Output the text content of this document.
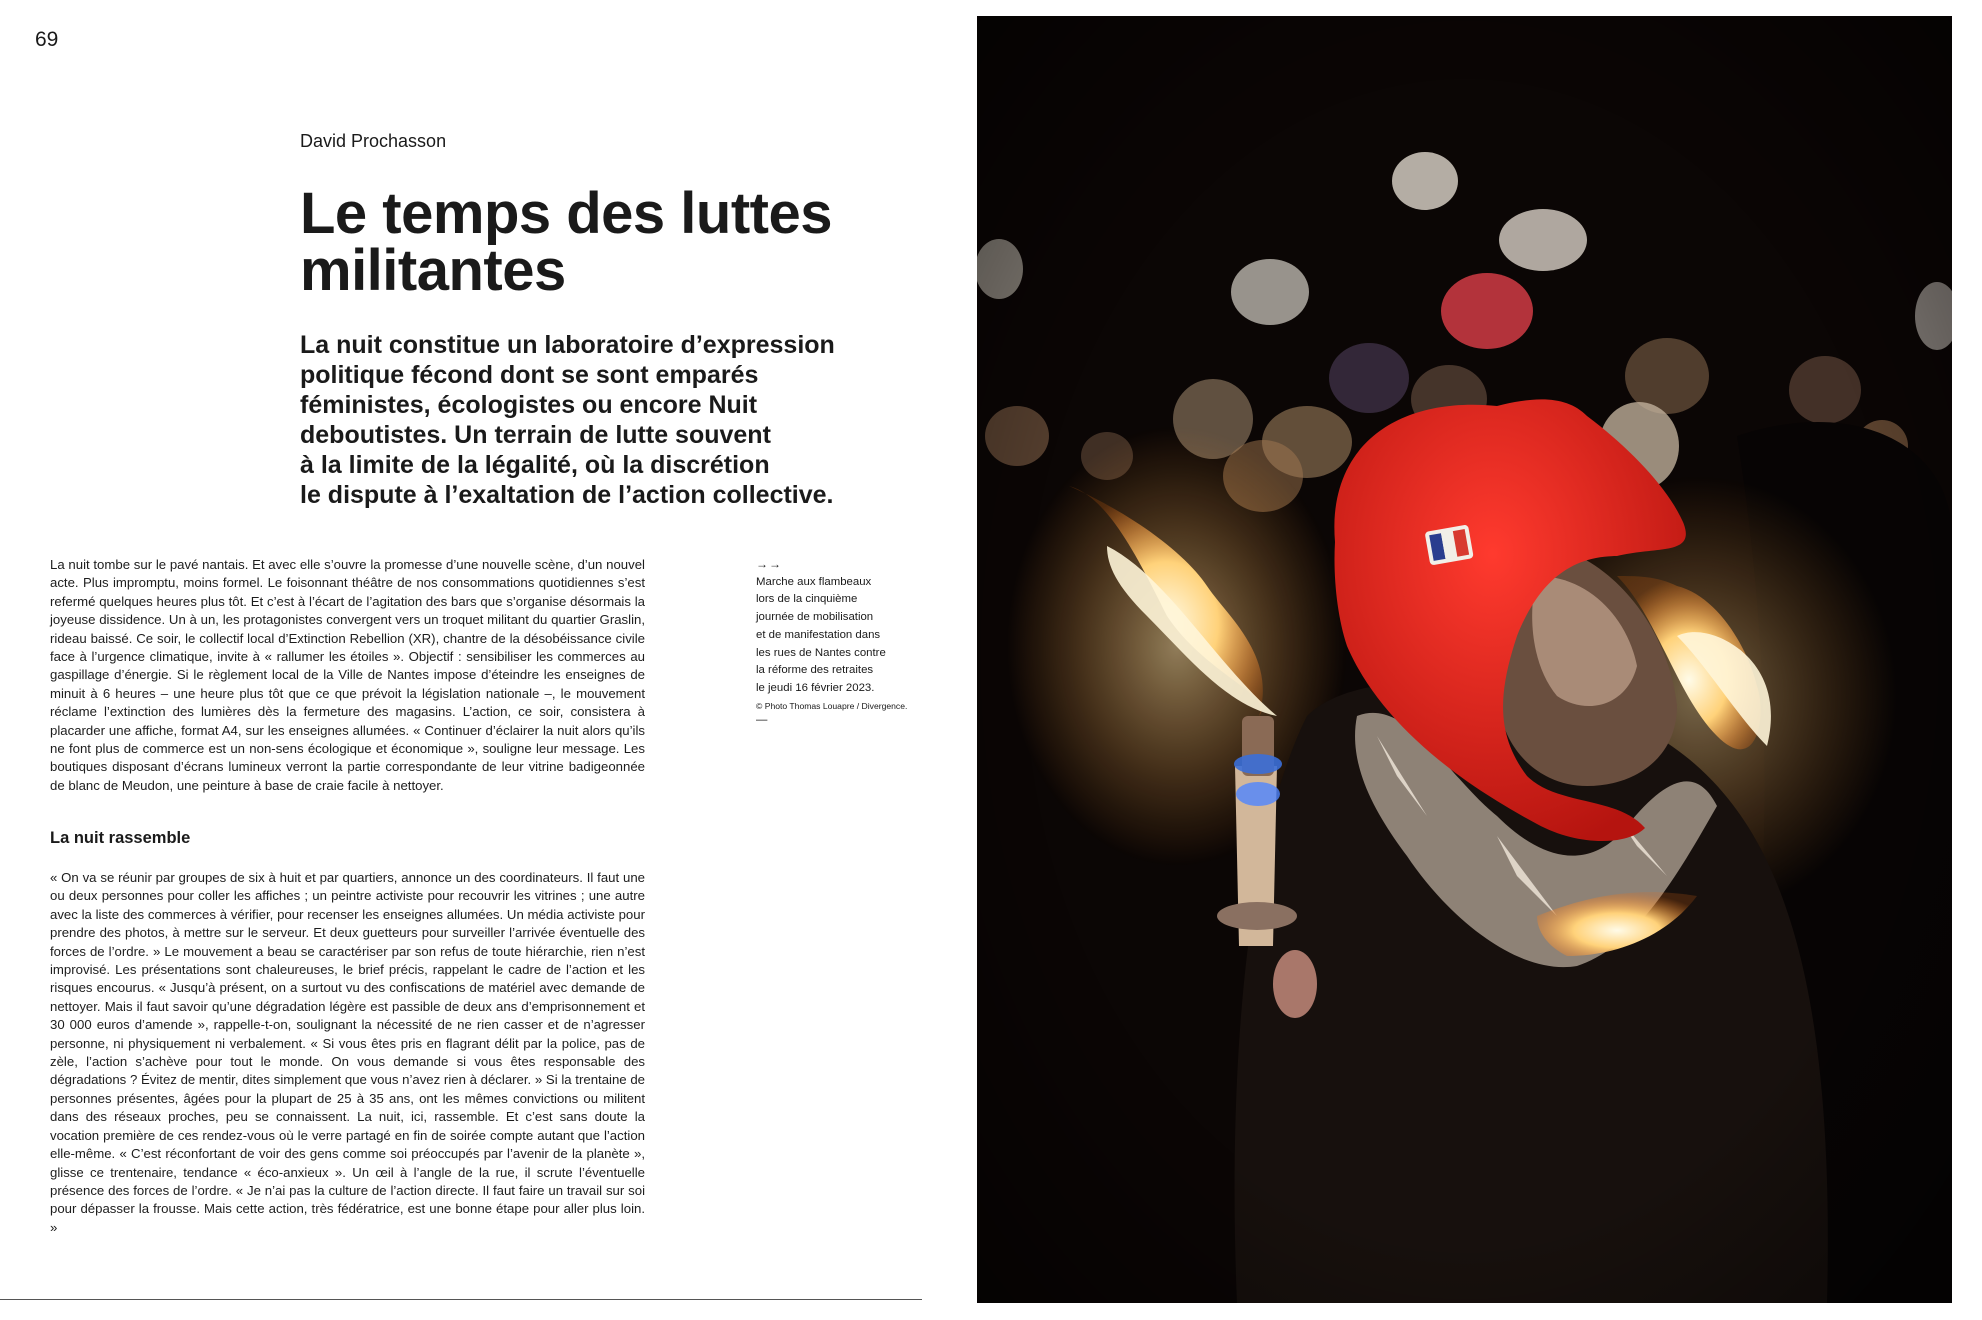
69
David Prochasson
Le temps des luttes militantes

La nuit constitue un laboratoire d’expression
politique fécond dont se sont emparés
féministes, écologistes ou encore Nuit
deboutistes. Un terrain de lutte souvent
à la limite de la légalité, où la discrétion
le dispute à l’exaltation de l’action collective.

La nuit tombe sur le pavé nantais. Et avec elle s’ouvre la promesse d’une nouvelle scène, d’un nouvel acte. Plus impromptu, moins formel. Le foisonnant théâtre de nos consommations quotidiennes s’est refermé quelques heures plus tôt. Et c’est à l’écart de l’agitation des bars que s’organise désormais la joyeuse dissidence. Un à un, les protagonistes convergent vers un troquet militant du quartier Graslin, rideau baissé. Ce soir, le collectif local d’Extinction Rebellion (XR), chantre de la désobéissance civile face à l’urgence climatique, invite à « rallumer les étoiles ». Objectif : sensibiliser les commerces au gaspillage d’énergie. Si le règlement local de la Ville de Nantes impose d’éteindre les enseignes de minuit à 6 heures – une heure plus tôt que ce que prévoit la législation nationale –, le mouvement réclame l’extinction des lumières dès la fermeture des magasins. L’action, ce soir, consistera à placarder une affiche, format A4, sur les enseignes allumées. « Continuer d’éclairer la nuit alors qu’ils ne font plus de commerce est un non-sens écologique et économique », souligne leur message. Les boutiques disposant d’écrans lumineux verront la partie correspondante de leur vitrine badigeonnée de blanc de Meudon, une peinture à base de craie facile à nettoyer.

La nuit rassemble

« On va se réunir par groupes de six à huit et par quartiers, annonce un des coordinateurs. Il faut une ou deux personnes pour coller les affiches ; un peintre activiste pour recouvrir les vitrines ; une autre avec la liste des commerces à vérifier, pour recenser les enseignes allumées. Un média activiste pour prendre des photos, à mettre sur le serveur. Et deux guetteurs pour surveiller l’arrivée éventuelle des forces de l’ordre. » Le mouvement a beau se caractériser par son refus de toute hiérarchie, rien n’est improvisé. Les présentations sont chaleureuses, le brief précis, rappelant le cadre de l’action et les risques encourus. « Jusqu’à présent, on a surtout vu des confiscations de matériel avec demande de nettoyer. Mais il faut savoir qu’une dégradation légère est passible de deux ans d’emprisonnement et 30 000 euros d’amende », rappelle-t-on, soulignant la nécessité de ne rien casser et de n’agresser personne, ni physiquement ni verbalement. « Si vous êtes pris en flagrant délit par la police, pas de zèle, l’action s’achève pour tout le monde. On vous demande si vous êtes responsable des dégradations ? Évitez de mentir, dites simplement que vous n’avez rien à déclarer. » Si la trentaine de personnes présentes, âgées pour la plupart de 25 à 35 ans, ont les mêmes convictions ou militent dans des réseaux proches, peu se connaissent. La nuit, ici, rassemble. Et c’est sans doute la vocation première de ces rendez-vous où le verre partagé en fin de soirée compte autant que l’action elle-même. « C’est réconfortant de voir des gens comme soi préoccupés par l’avenir de la planète », glisse ce trentenaire, tendance « éco-anxieux ». Un œil à l’angle de la rue, il scrute l’éventuelle présence des forces de l’ordre. « Je n’ai pas la culture de l’action directe. Il faut faire un travail sur soi pour dépasser la frousse. Mais cette action, très fédératrice, est une bonne étape pour aller plus loin. »

→→
Marche aux flambeaux
lors de la cinquième
journée de mobilisation
et de manifestation dans
les rues de Nantes contre
la réforme des retraites
le jeudi 16 février 2023.
© Photo Thomas Louapre / Divergence.
—
